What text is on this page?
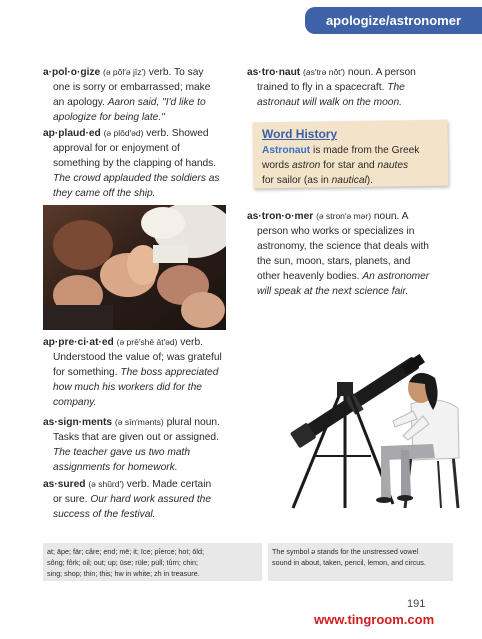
apologize/astronomer
a·pol·o·gize (ə pŏl′ə jīz′) verb. To say
one is sorry or embarrassed; make
an apology. Aaron said, "I'd like to
apologize for being late."
ap·plaud·ed (ə plôd′əd) verb. Showed
approval for or enjoyment of
something by the clapping of hands.
The crowd applauded the soldiers as
they came off the ship.
ap·pre·ci·at·ed (ə prē′shē āt′əd) verb.
Understood the value of; was grateful
for something. The boss appreciated
how much his workers did for the
company.
as·sign·ments (ə sīn′mənts) plural noun.
Tasks that are given out or assigned.
The teacher gave us two math
assignments for homework.
as·sured (ə shŭrd′) verb. Made certain
or sure. Our hard work assured the
success of the festival.
as·tro·naut (as′trə nôt′) noun. A person
trained to fly in a spacecraft. The
astronaut will walk on the moon.
Word History
Astronaut is made from the Greek
words astron for star and nautes
for sailor (as in nautical).
as·tron·o·mer (ə stron′ə mər) noun. A
person who works or specializes in
astronomy, the science that deals with
the sun, moon, stars, planets, and
other heavenly bodies. An astronomer
will speak at the next science fair.
at; āpe; fär; câre; end; mē; it; īce; pîerce; hot; ōld;
sông; fôrk; oil; out; up; ūse; rüle; pu̇ll; tûrn; chin;
sing; shop; thin; this; hw in white; zh in treasure.
The symbol ə stands for the unstressed vowel
sound in about, taken, pencil, lemon, and circus.
191
www.tingroom.com
